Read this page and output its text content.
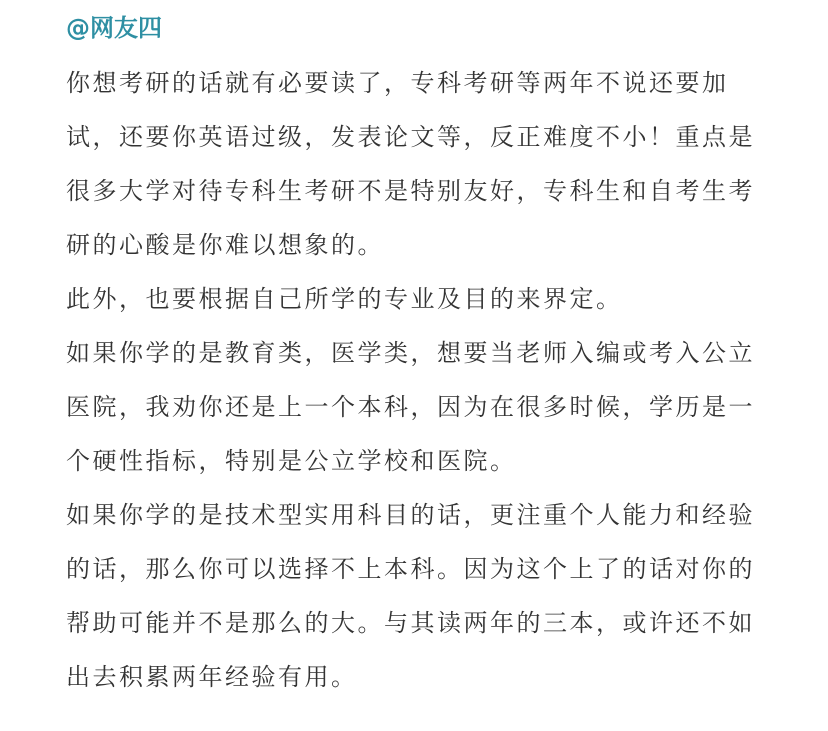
@网友四
你想考研的话就有必要读了，专科考研等两年不说还要加
试，还要你英语过级，发表论文等，反正难度不小！重点是
很多大学对待专科生考研不是特别友好，专科生和自考生考
研的心酸是你难以想象的。
此外，也要根据自己所学的专业及目的来界定。
如果你学的是教育类，医学类，想要当老师入编或考入公立
医院，我劝你还是上一个本科，因为在很多时候，学历是一
个硬性指标，特别是公立学校和医院。
如果你学的是技术型实用科目的话，更注重个人能力和经验
的话，那么你可以选择不上本科。因为这个上了的话对你的
帮助可能并不是那么的大。与其读两年的三本，或许还不如
出去积累两年经验有用。
